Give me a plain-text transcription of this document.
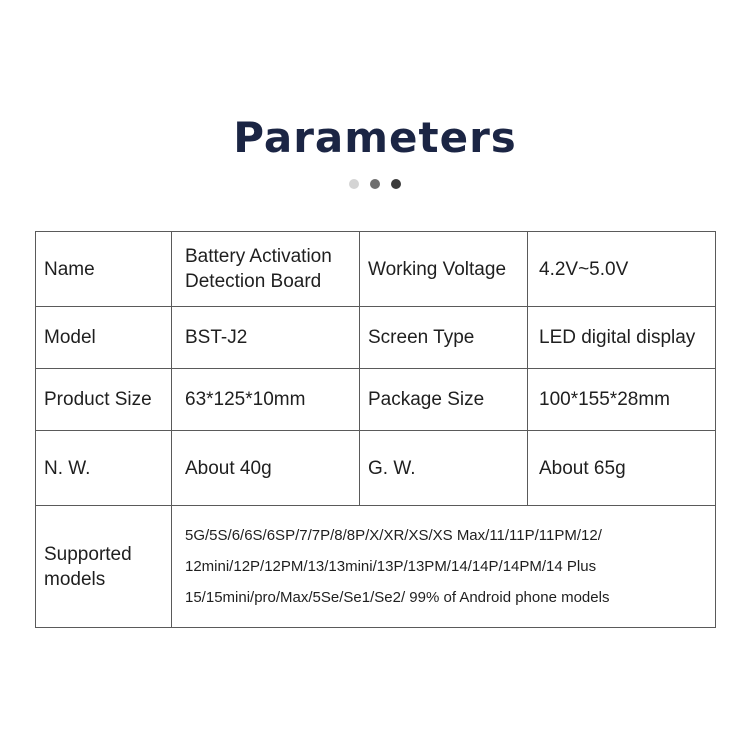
Parameters
Name	Battery Activation Detection Board	Working Voltage	4.2V~5.0V
Model	BST-J2	Screen Type	LED digital display
Product Size	63*125*10mm	Package Size	100*155*28mm
N. W.	About 40g	G. W.	About 65g
Supported models	5G/5S/6/6S/6SP/7/7P/8/8P/X/XR/XS/XS Max/11/11P/11PM/12/
12mini/12P/12PM/13/13mini/13P/13PM/14/14P/14PM/14 Plus
15/15mini/pro/Max/5Se/Se1/Se2/ 99% of Android phone models		
